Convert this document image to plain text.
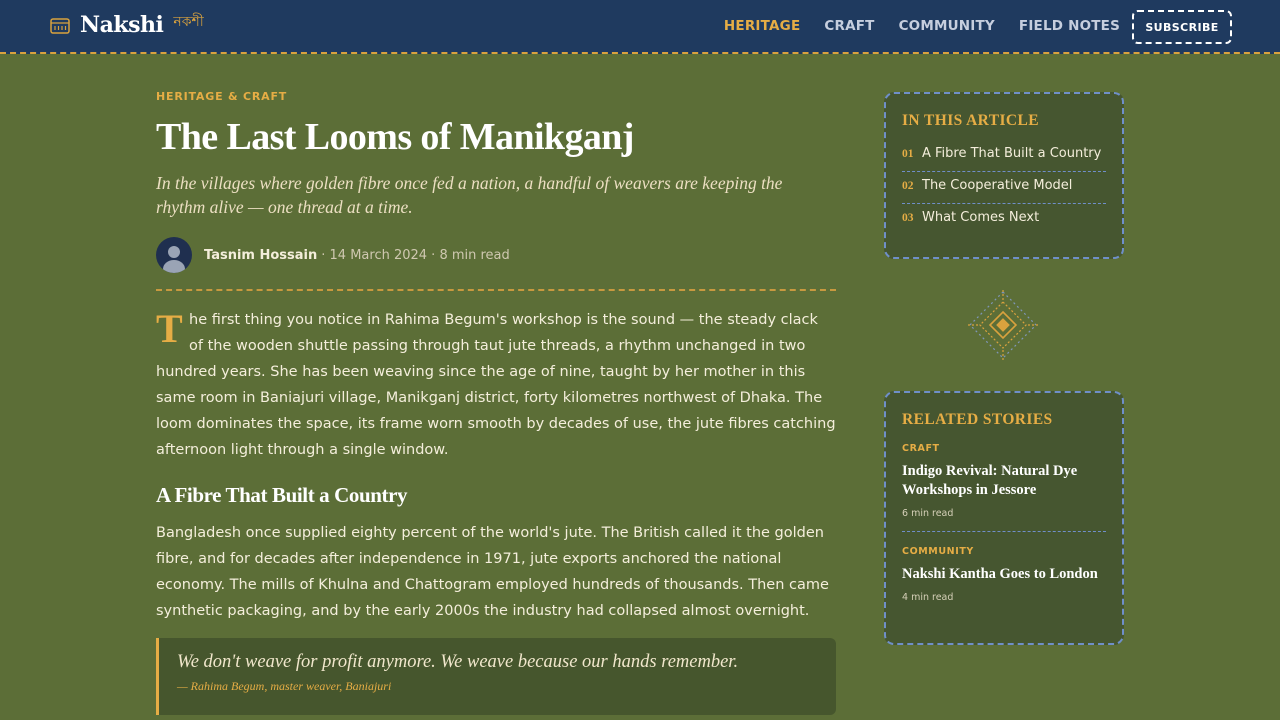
Nakshi নকশী	HERITAGE CRAFT COMMUNITY FIELD NOTES	SUBSCRIBE
HERITAGE & CRAFT
The Last Looms of Manikganj

In the villages where golden fibre once fed a nation, a handful of weavers are keeping the rhythm alive — one thread at a time.

Tasnim Hossain · 14 March 2024 · 8 min read

The first thing you notice in Rahima Begum's workshop is the sound — the steady clack of the wooden shuttle passing through taut jute threads, a rhythm unchanged in two hundred years. She has been weaving since the age of nine, taught by her mother in this same room in Baniajuri village, Manikganj district, forty kilometres northwest of Dhaka. The loom dominates the space, its frame worn smooth by decades of use, the jute fibres catching afternoon light through a single window.

A Fibre That Built a Country

Bangladesh once supplied eighty percent of the world's jute. The British called it the golden fibre, and for decades after independence in 1971, jute exports anchored the national economy. The mills of Khulna and Chattogram employed hundreds of thousands. Then came synthetic packaging, and by the early 2000s the industry had collapsed almost overnight.

We don't weave for profit anymore. We weave because our hands remember.
— Rahima Begum, master weaver, Baniajuri
IN THIS ARTICLE
01 A Fibre That Built a Country
02 The Cooperative Model
03 What Comes Next
RELATED STORIES
CRAFT
Indigo Revival: Natural Dye Workshops in Jessore
6 min read
COMMUNITY
Nakshi Kantha Goes to London
4 min read
